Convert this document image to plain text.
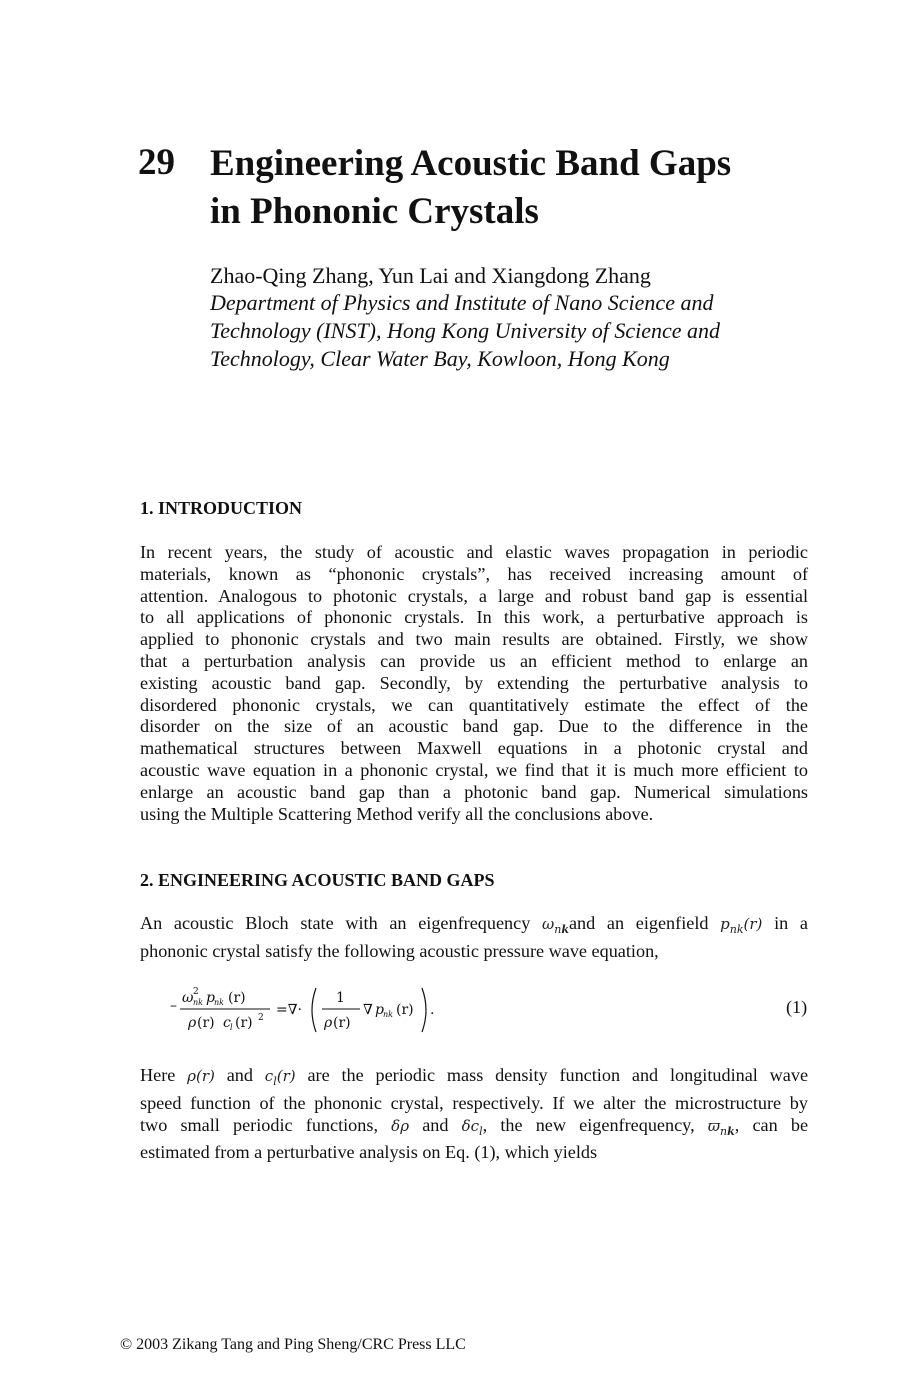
29 Engineering Acoustic Band Gaps
in Phononic Crystals
Zhao-Qing Zhang, Yun Lai and Xiangdong Zhang
Department of Physics and Institute of Nano Science and
Technology (INST), Hong Kong University of Science and
Technology, Clear Water Bay, Kowloon, Hong Kong
1. INTRODUCTION
In recent years, the study of acoustic and elastic waves propagation in periodic
materials, known as “phononic crystals”, has received increasing amount of
attention. Analogous to photonic crystals, a large and robust band gap is essential
to all applications of phononic crystals. In this work, a perturbative approach is
applied to phononic crystals and two main results are obtained. Firstly, we show
that a perturbation analysis can provide us an efficient method to enlarge an
existing acoustic band gap. Secondly, by extending the perturbative analysis to
disordered phononic crystals, we can quantitatively estimate the effect of the
disorder on the size of an acoustic band gap. Due to the difference in the
mathematical structures between Maxwell equations in a photonic crystal and
acoustic wave equation in a phononic crystal, we find that it is much more efficient to
enlarge an acoustic band gap than a photonic band gap. Numerical simulations
using the Multiple Scattering Method verify all the conclusions above.
2. ENGINEERING ACOUSTIC BAND GAPS
An acoustic Bloch state with an eigenfrequency $\omega_{nk}and$ an eigenfield $p_{nk}(r)$ in a
phononic crystal satisfy the following acoustic pressure wave equation,
– ω 2
nk p nk (r)
ρ (r) c l (r) 2 =∇·
1
ρ (r)
∇ p nk (r) .	(1)
Here ρ(r) and $c_l(r)$ are the periodic mass density function and longitudinal wave
speed function of the phononic crystal, respectively. If we alter the microstructure by
two small periodic functions, δρ and $\delta c_l$, the new eigenfrequency, $ϖ_{nk}$, can be
estimated from a perturbative analysis on Eq. (1), which yields
© 2003 Zikang Tang and Ping Sheng/CRC Press LLC
